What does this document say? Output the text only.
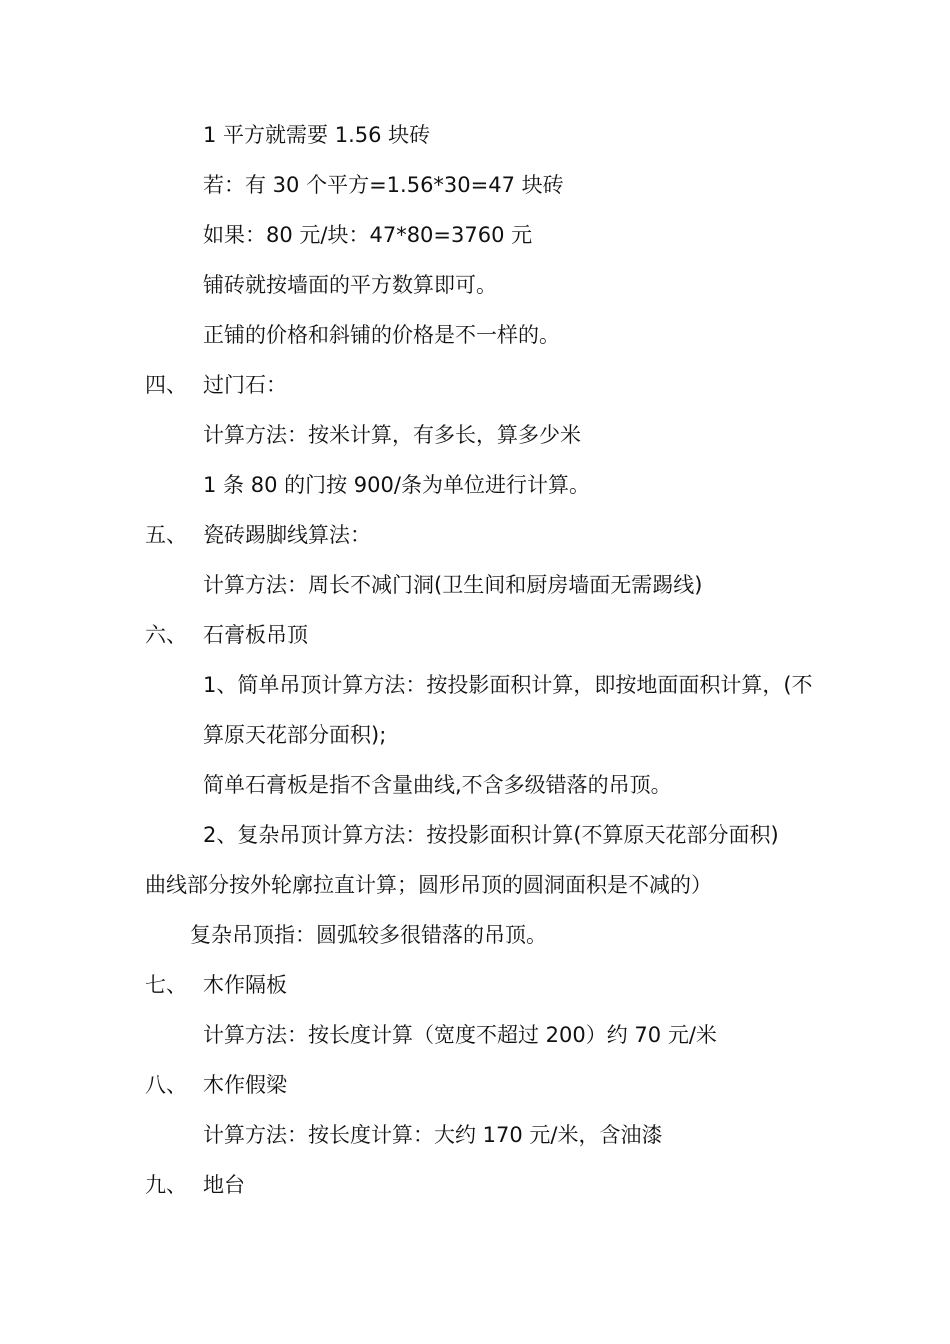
1 平方就需要 1.56 块砖
若：有 30 个平方=1.56*30=47 块砖
如果：80 元/块：47*80=3760 元
铺砖就按墙面的平方数算即可。
正铺的价格和斜铺的价格是不一样的。
四、 过门石：
计算方法：按米计算，有多长，算多少米
1 条 80 的门按 900/条为单位进行计算。
五、 瓷砖踢脚线算法：
计算方法：周长不减门洞(卫生间和厨房墙面无需踢线)
六、 石膏板吊顶
1、简单吊顶计算方法：按投影面积计算，即按地面面积计算，(不
算原天花部分面积);
简单石膏板是指不含量曲线,不含多级错落的吊顶。
2、复杂吊顶计算方法：按投影面积计算(不算原天花部分面积)
曲线部分按外轮廓拉直计算；圆形吊顶的圆洞面积是不减的）
复杂吊顶指：圆弧较多很错落的吊顶。
七、 木作隔板
计算方法：按长度计算（宽度不超过 200）约 70 元/米
八、 木作假梁
计算方法：按长度计算：大约 170 元/米，含油漆
九、 地台
